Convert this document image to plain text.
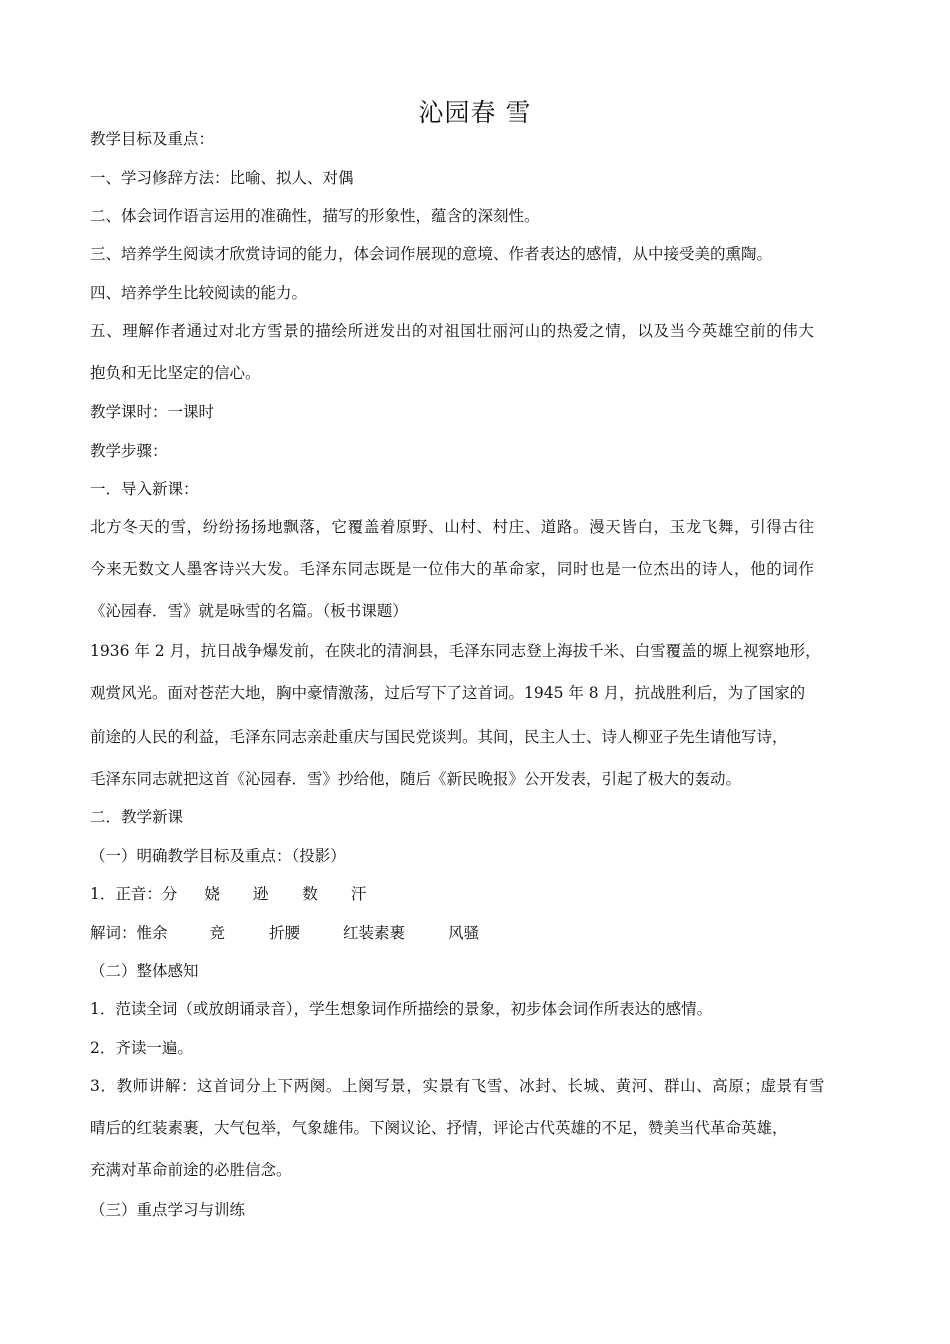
沁园春 雪
教学目标及重点：
一、学习修辞方法：比喻、拟人、对偶
二、体会词作语言运用的准确性，描写的形象性，蕴含的深刻性。
三、培养学生阅读才欣赏诗词的能力，体会词作展现的意境、作者表达的感情，从中接受美的熏陶。
四、培养学生比较阅读的能力。
五、理解作者通过对北方雪景的描绘所迸发出的对祖国壮丽河山的热爱之情，以及当今英雄空前的伟大
抱负和无比坚定的信心。
教学课时：一课时
教学步骤：
一．导入新课：
北方冬天的雪，纷纷扬扬地飘落，它覆盖着原野、山村、村庄、道路。漫天皆白，玉龙飞舞，引得古往
今来无数文人墨客诗兴大发。毛泽东同志既是一位伟大的革命家，同时也是一位杰出的诗人，他的词作
《沁园春．雪》就是咏雪的名篇。（板书课题）
1936 年 2 月，抗日战争爆发前，在陕北的清涧县，毛泽东同志登上海拔千米、白雪覆盖的塬上视察地形，
观赏风光。面对苍茫大地，胸中豪情激荡，过后写下了这首词。1945 年 8 月，抗战胜利后，为了国家的
前途的人民的利益，毛泽东同志亲赴重庆与国民党谈判。其间，民主人士、诗人柳亚子先生请他写诗，
毛泽东同志就把这首《沁园春．雪》抄给他，随后《新民晚报》公开发表，引起了极大的轰动。
二．教学新课
（一）明确教学目标及重点：（投影）
1．正音：分 娆 逊 数 汗
解词：惟余	竞	折腰	红装素裹	风骚
（二）整体感知
1．范读全词（或放朗诵录音），学生想象词作所描绘的景象，初步体会词作所表达的感情。
2．齐读一遍。
3．教师讲解：这首词分上下两阕。上阕写景，实景有飞雪、冰封、长城、黄河、群山、高原；虚景有雪
晴后的红装素裹，大气包举，气象雄伟。下阕议论、抒情，评论古代英雄的不足，赞美当代革命英雄，
充满对革命前途的必胜信念。
（三）重点学习与训练
